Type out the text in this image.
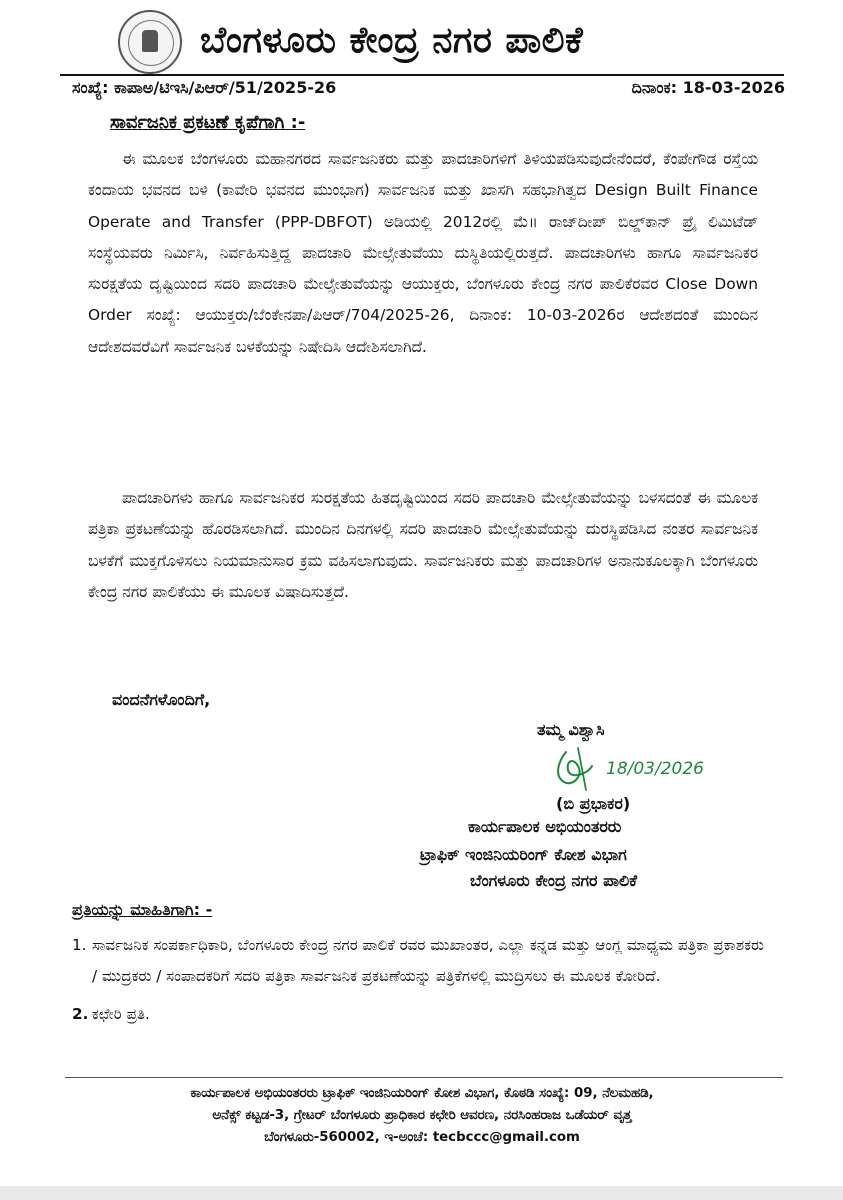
ಬೆಂಗಳೂರು ಕೇಂದ್ರ ನಗರ ಪಾಲಿಕೆ
ಸಂಖ್ಯೆ: ಕಾಪಾಅ/ಟಿಇಸಿ/ಪಿಆರ್/51/2025-26	ದಿನಾಂಕ: 18-03-2026
ಸಾರ್ವಜನಿಕ ಪ್ರಕಟಣೆ ಕೃಪೆಗಾಗಿ :-
ಈ ಮೂಲಕ ಬೆಂಗಳೂರು ಮಹಾನಗರದ ಸಾರ್ವಜನಿಕರು ಮತ್ತು ಪಾದಚಾರಿಗಳಿಗೆ ತಿಳಿಯಪಡಿಸುವುದೇನೆಂದರೆ, ಕೆಂಪೇಗೌಡ ರಸ್ತೆಯ ಕಂದಾಯ ಭವನದ ಬಳಿ (ಕಾವೇರಿ ಭವನದ ಮುಂಭಾಗ) ಸಾರ್ವಜನಿಕ ಮತ್ತು ಖಾಸಗಿ ಸಹಭಾಗಿತ್ವದ Design Built Finance Operate and Transfer (PPP-DBFOT) ಅಡಿಯಲ್ಲಿ 2012ರಲ್ಲಿ ಮೆ॥ ರಾಜ್‌ದೀಪ್ ಬಿಲ್ಡ್‌ಕಾನ್ ಪ್ರೈ ಲಿಮಿಟೆಡ್ ಸಂಸ್ಥೆಯವರು ನಿರ್ಮಿಸಿ, ನಿರ್ವಹಿಸುತ್ತಿದ್ದ ಪಾದಚಾರಿ ಮೇಲ್ಸೇತುವೆಯು ದುಸ್ಥಿತಿಯಲ್ಲಿರುತ್ತದೆ. ಪಾದಚಾರಿಗಳು ಹಾಗೂ ಸಾರ್ವಜನಿಕರ ಸುರಕ್ಷತೆಯ ದೃಷ್ಟಿಯಿಂದ ಸದರಿ ಪಾದಚಾರಿ ಮೇಲ್ಸೇತುವೆಯನ್ನು ಆಯುಕ್ತರು, ಬೆಂಗಳೂರು ಕೇಂದ್ರ ನಗರ ಪಾಲಿಕೆರವರ Close Down Order ಸಂಖ್ಯೆ: ಆಯುಕ್ತರು/ಬೆಂಕೇನಪಾ/ಪಿಆರ್/704/2025-26, ದಿನಾಂಕ: 10-03-2026ರ ಆದೇಶದಂತೆ ಮುಂದಿನ ಆದೇಶದವರೆವಿಗೆ ಸಾರ್ವಜನಿಕ ಬಳಕೆಯನ್ನು ನಿಷೇದಿಸಿ ಆದೇಶಿಸಲಾಗಿದೆ.
ಪಾದಚಾರಿಗಳು ಹಾಗೂ ಸಾರ್ವಜನಿಕರ ಸುರಕ್ಷತೆಯ ಹಿತದೃಷ್ಟಿಯಿಂದ ಸದರಿ ಪಾದಚಾರಿ ಮೇಲ್ಸೇತುವೆಯನ್ನು ಬಳಸದಂತೆ ಈ ಮೂಲಕ ಪತ್ರಿಕಾ ಪ್ರಕಟಣೆಯನ್ನು ಹೊರಡಿಸಲಾಗಿದೆ. ಮುಂದಿನ ದಿನಗಳಲ್ಲಿ ಸದರಿ ಪಾದಚಾರಿ ಮೇಲ್ಸೇತುವೆಯನ್ನು ದುರಸ್ಥಿಪಡಿಸಿದ ನಂತರ ಸಾರ್ವಜನಿಕ ಬಳಕೆಗೆ ಮುಕ್ತಗೊಳಿಸಲು ನಿಯಮಾನುಸಾರ ಕ್ರಮ ವಹಿಸಲಾಗುವುದು. ಸಾರ್ವಜನಿಕರು ಮತ್ತು ಪಾದಚಾರಿಗಳ ಅನಾನುಕೂಲಕ್ಕಾಗಿ ಬೆಂಗಳೂರು ಕೇಂದ್ರ ನಗರ ಪಾಲಿಕೆಯು ಈ ಮೂಲಕ ವಿಷಾದಿಸುತ್ತದೆ.
ವಂದನೆಗಳೊಂದಿಗೆ,
ತಮ್ಮ ವಿಶ್ವಾಸಿ
18/03/2026
(ಬಿ ಪ್ರಭಾಕರ)
ಕಾರ್ಯಪಾಲಕ ಅಭಿಯಂತರರು
ಟ್ರಾಫಿಕ್ ಇಂಜಿನಿಯರಿಂಗ್ ಕೋಶ ವಿಭಾಗ
ಬೆಂಗಳೂರು ಕೇಂದ್ರ ನಗರ ಪಾಲಿಕೆ
ಪ್ರತಿಯನ್ನು ಮಾಹಿತಿಗಾಗಿ: -
1. ಸಾರ್ವಜನಿಕ ಸಂಪರ್ಕಾಧಿಕಾರಿ, ಬೆಂಗಳೂರು ಕೇಂದ್ರ ನಗರ ಪಾಲಿಕೆ ರವರ ಮುಖಾಂತರ, ಎಲ್ಲಾ ಕನ್ನಡ ಮತ್ತು ಆಂಗ್ಲ ಮಾಧ್ಯಮ ಪತ್ರಿಕಾ ಪ್ರಕಾಶಕರು / ಮುದ್ರಕರು / ಸಂಪಾದಕರಿಗೆ ಸದರಿ ಪತ್ರಿಕಾ ಸಾರ್ವಜನಿಕ ಪ್ರಕಟಣೆಯನ್ನು ಪತ್ರಿಕೆಗಳಲ್ಲಿ ಮುದ್ರಿಸಲು ಈ ಮೂಲಕ ಕೋರಿದೆ.
2. ಕಛೇರಿ ಪ್ರತಿ.
ಕಾರ್ಯಪಾಲಕ ಅಭಿಯಂತರರು ಟ್ರಾಫಿಕ್ ಇಂಜಿನಿಯರಿಂಗ್ ಕೋಶ ವಿಭಾಗ, ಕೊಠಡಿ ಸಂಖ್ಯೆ: 09, ನೆಲಮಹಡಿ,
ಅನೆಕ್ಸ್ ಕಟ್ಟಡ-3, ಗ್ರೇಟರ್ ಬೆಂಗಳೂರು ಪ್ರಾಧಿಕಾರ ಕಛೇರಿ ಆವರಣ, ನರಸಿಂಹರಾಜ ಒಡೆಯರ್ ವೃತ್ತ
ಬೆಂಗಳೂರು-560002, ಇ-ಅಂಚೆ: tecbccc@gmail.com
